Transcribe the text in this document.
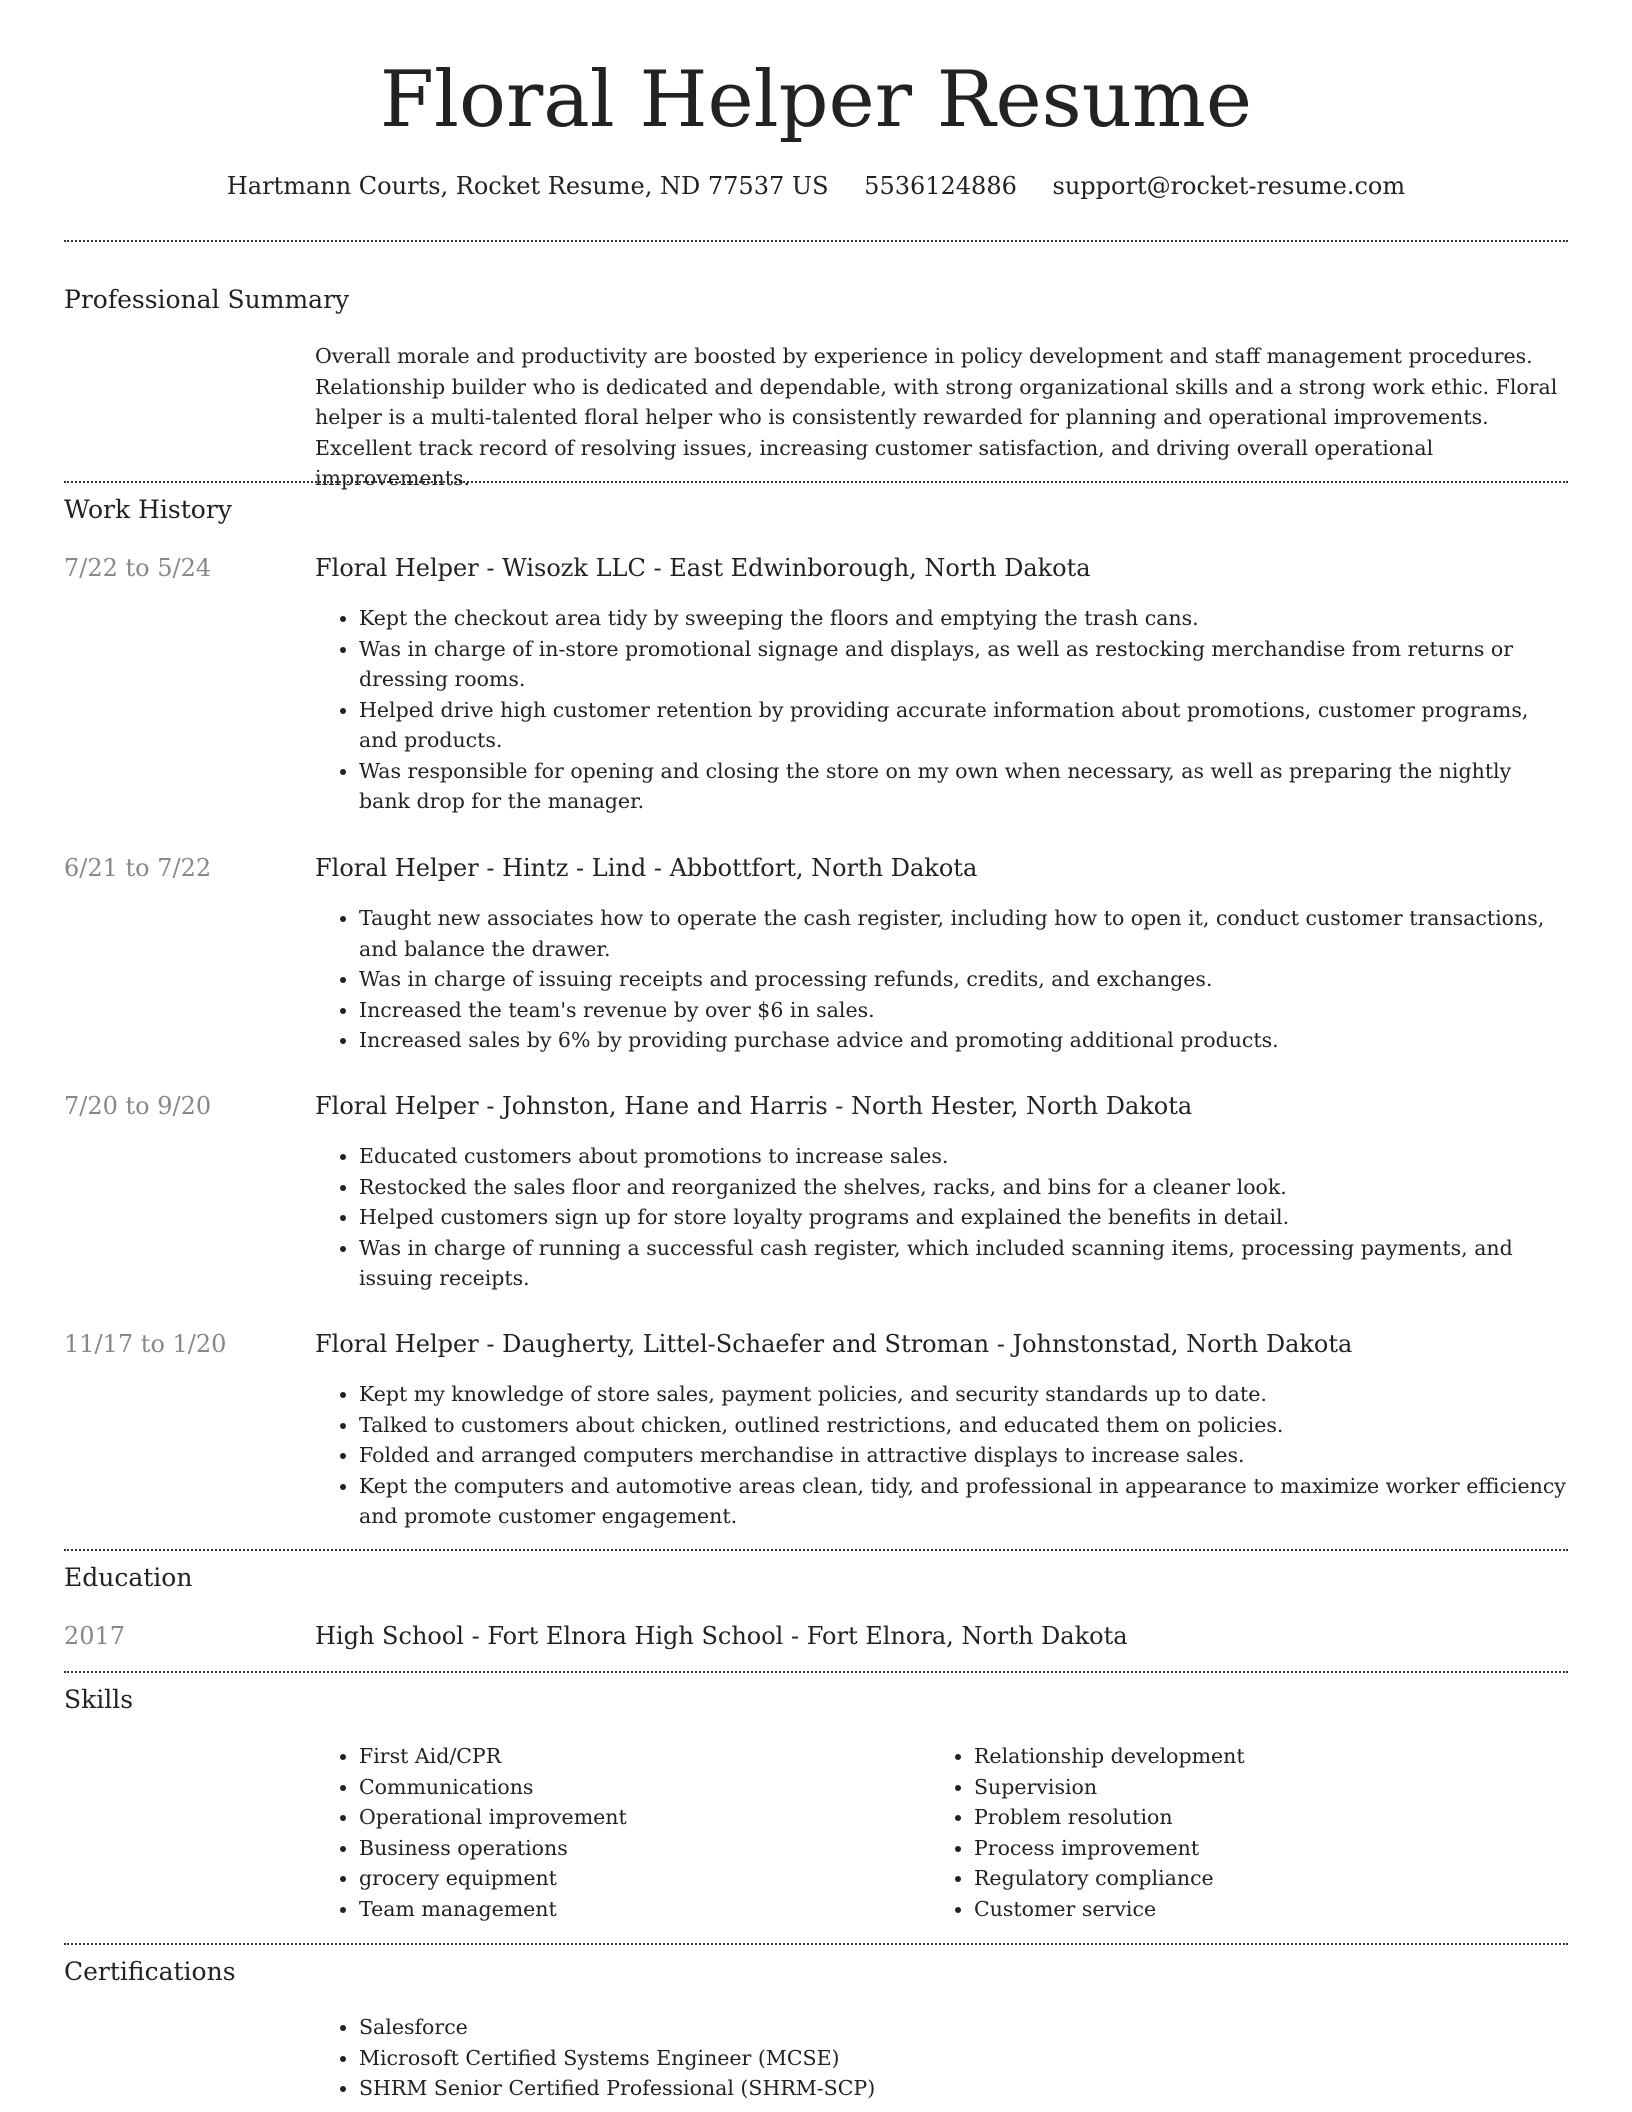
Floral Helper Resume
Hartmann Courts, Rocket Resume, ND 77537 US 5536124886 support@rocket-resume.com
Professional Summary

Overall morale and productivity are boosted by experience in policy development and staff management procedures. Relationship builder who is dedicated and dependable, with strong organizational skills and a strong work ethic. Floral helper is a multi-talented floral helper who is consistently rewarded for planning and operational improvements. Excellent track record of resolving issues, increasing customer satisfaction, and driving overall operational improvements.

Work History
7/22 to 5/24	Floral Helper - Wisozk LLC - East Edwinborough, North Dakota
• Kept the checkout area tidy by sweeping the floors and emptying the trash cans.
• Was in charge of in-store promotional signage and displays, as well as restocking merchandise from returns or dressing rooms.
• Helped drive high customer retention by providing accurate information about promotions, customer programs, and products.
• Was responsible for opening and closing the store on my own when necessary, as well as preparing the nightly bank drop for the manager.
6/21 to 7/22	Floral Helper - Hintz - Lind - Abbottfort, North Dakota
• Taught new associates how to operate the cash register, including how to open it, conduct customer transactions, and balance the drawer.
• Was in charge of issuing receipts and processing refunds, credits, and exchanges.
• Increased the team's revenue by over $6 in sales.
• Increased sales by 6% by providing purchase advice and promoting additional products.
7/20 to 9/20	Floral Helper - Johnston, Hane and Harris - North Hester, North Dakota
• Educated customers about promotions to increase sales.
• Restocked the sales floor and reorganized the shelves, racks, and bins for a cleaner look.
• Helped customers sign up for store loyalty programs and explained the benefits in detail.
• Was in charge of running a successful cash register, which included scanning items, processing payments, and issuing receipts.
11/17 to 1/20	Floral Helper - Daugherty, Littel-Schaefer and Stroman - Johnstonstad, North Dakota
• Kept my knowledge of store sales, payment policies, and security standards up to date.
• Talked to customers about chicken, outlined restrictions, and educated them on policies.
• Folded and arranged computers merchandise in attractive displays to increase sales.
• Kept the computers and automotive areas clean, tidy, and professional in appearance to maximize worker efficiency and promote customer engagement.
Education
2017	High School - Fort Elnora High School - Fort Elnora, North Dakota
Skills
• First Aid/CPR
• Communications
• Operational improvement
• Business operations
• grocery equipment
• Team management
• Relationship development
• Supervision
• Problem resolution
• Process improvement
• Regulatory compliance
• Customer service
Certifications
• Salesforce
• Microsoft Certified Systems Engineer (MCSE)
• SHRM Senior Certified Professional (SHRM-SCP)
